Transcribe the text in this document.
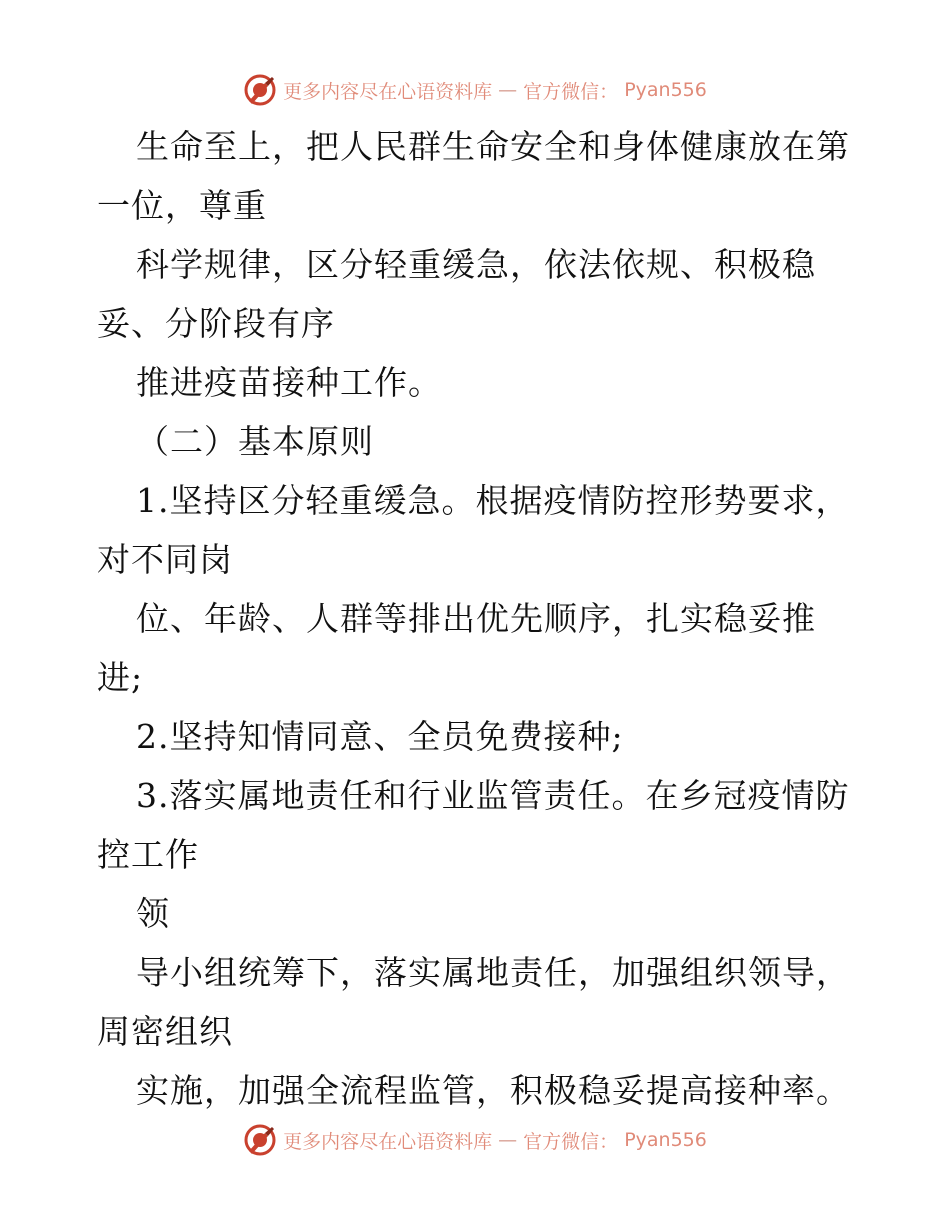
更多内容尽在心语资料库 — 官方微信： Pyan556
生命至上，把人民群生命安全和身体健康放在第
一位，尊重
科学规律，区分轻重缓急，依法依规、积极稳
妥、分阶段有序
推进疫苗接种工作。
（二）基本原则
1.坚持区分轻重缓急。根据疫情防控形势要求，
对不同岗
位、年龄、人群等排出优先顺序，扎实稳妥推
进;
2.坚持知情同意、全员免费接种;
3.落实属地责任和行业监管责任。在乡冠疫情防
控工作
领
导小组统筹下，落实属地责任，加强组织领导，
周密组织
实施，加强全流程监管，积极稳妥提高接种率。
更多内容尽在心语资料库 — 官方微信： Pyan556
